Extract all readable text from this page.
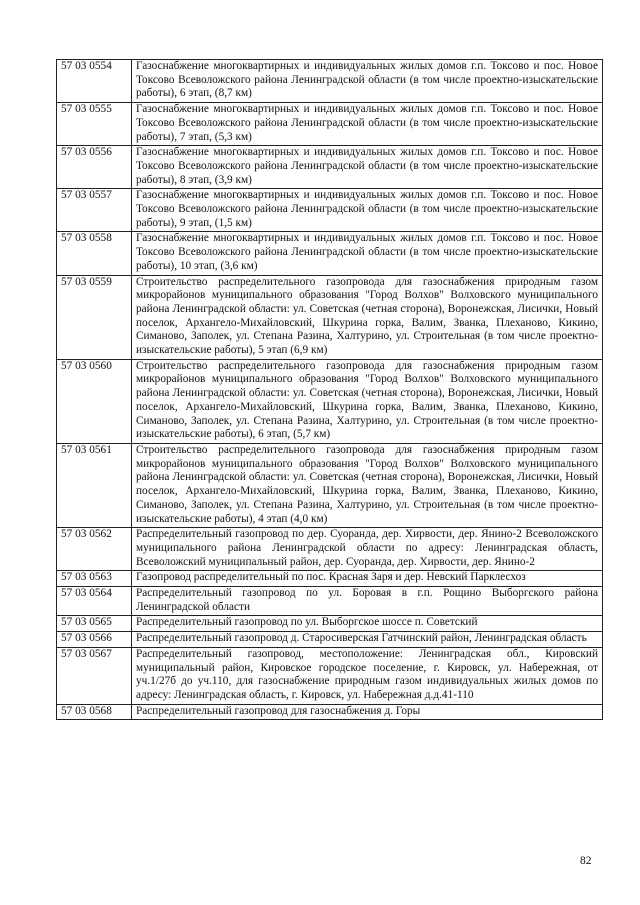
57 03 0554	Газоснабжение многоквартирных и индивидуальных жилых домов г.п. Токсово и пос. Новое Токсово Всеволожского района Ленинградской области (в том числе проектно-изыскательские работы), 6 этап, (8,7 км)
57 03 0555	Газоснабжение многоквартирных и индивидуальных жилых домов г.п. Токсово и пос. Новое Токсово Всеволожского района Ленинградской области (в том числе проектно-изыскательские работы), 7 этап, (5,3 км)
57 03 0556	Газоснабжение многоквартирных и индивидуальных жилых домов г.п. Токсово и пос. Новое Токсово Всеволожского района Ленинградской области (в том числе проектно-изыскательские работы), 8 этап, (3,9 км)
57 03 0557	Газоснабжение многоквартирных и индивидуальных жилых домов г.п. Токсово и пос. Новое Токсово Всеволожского района Ленинградской области (в том числе проектно-изыскательские работы), 9 этап, (1,5 км)
57 03 0558	Газоснабжение многоквартирных и индивидуальных жилых домов г.п. Токсово и пос. Новое Токсово Всеволожского района Ленинградской области (в том числе проектно-изыскательские работы), 10 этап, (3,6 км)
57 03 0559	Строительство распределительного газопровода для газоснабжения природным газом микрорайонов муниципального образования "Город Волхов" Волховского муниципального района Ленинградской области: ул. Советская (четная сторона), Воронежская, Лисички, Новый поселок, Архангело-Михайловский, Шкурина горка, Валим, Званка, Плеханово, Кикино, Симаново, Заполек, ул. Степана Разина, Халтурино, ул. Строительная (в том числе проектно-изыскательские работы), 5 этап (6,9 км)
57 03 0560	Строительство распределительного газопровода для газоснабжения природным газом микрорайонов муниципального образования "Город Волхов" Волховского муниципального района Ленинградской области: ул. Советская (четная сторона), Воронежская, Лисички, Новый поселок, Архангело-Михайловский, Шкурина горка, Валим, Званка, Плеханово, Кикино, Симаново, Заполек, ул. Степана Разина, Халтурино, ул. Строительная (в том числе проектно-изыскательские работы), 6 этап, (5,7 км)
57 03 0561	Строительство распределительного газопровода для газоснабжения природным газом микрорайонов муниципального образования "Город Волхов" Волховского муниципального района Ленинградской области: ул. Советская (четная сторона), Воронежская, Лисички, Новый поселок, Архангело-Михайловский, Шкурина горка, Валим, Званка, Плеханово, Кикино, Симаново, Заполек, ул. Степана Разина, Халтурино, ул. Строительная (в том числе проектно-изыскательские работы), 4 этап (4,0 км)
57 03 0562	Распределительный газопровод по дер. Суоранда, дер. Хирвости, дер. Янино-2 Всеволожского муниципального района Ленинградской области по адресу: Ленинградская область, Всеволожский муниципальный район, дер. Суоранда, дер. Хирвости, дер. Янино-2
57 03 0563	Газопровод распределительный по пос. Красная Заря и дер. Невский Парклесхоз
57 03 0564	Распределительный газопровод по ул. Боровая в г.п. Рощино Выборгского района Ленинградской области
57 03 0565	Распределительный газопровод по ул. Выборгское шоссе п. Советский
57 03 0566	Распределительный газопровод д. Старосиверская Гатчинский район, Ленинградская область
57 03 0567	Распределительный газопровод, местоположение: Ленинградская обл., Кировский муниципальный район, Кировское городское поселение, г. Кировск, ул. Набережная, от уч.1/27б до уч.110, для газоснабжение природным газом индивидуальных жилых домов по адресу: Ленинградская область, г. Кировск, ул. Набережная д.д.41-110
57 03 0568	Распределительный газопровод для газоснабжения д. Горы
82
